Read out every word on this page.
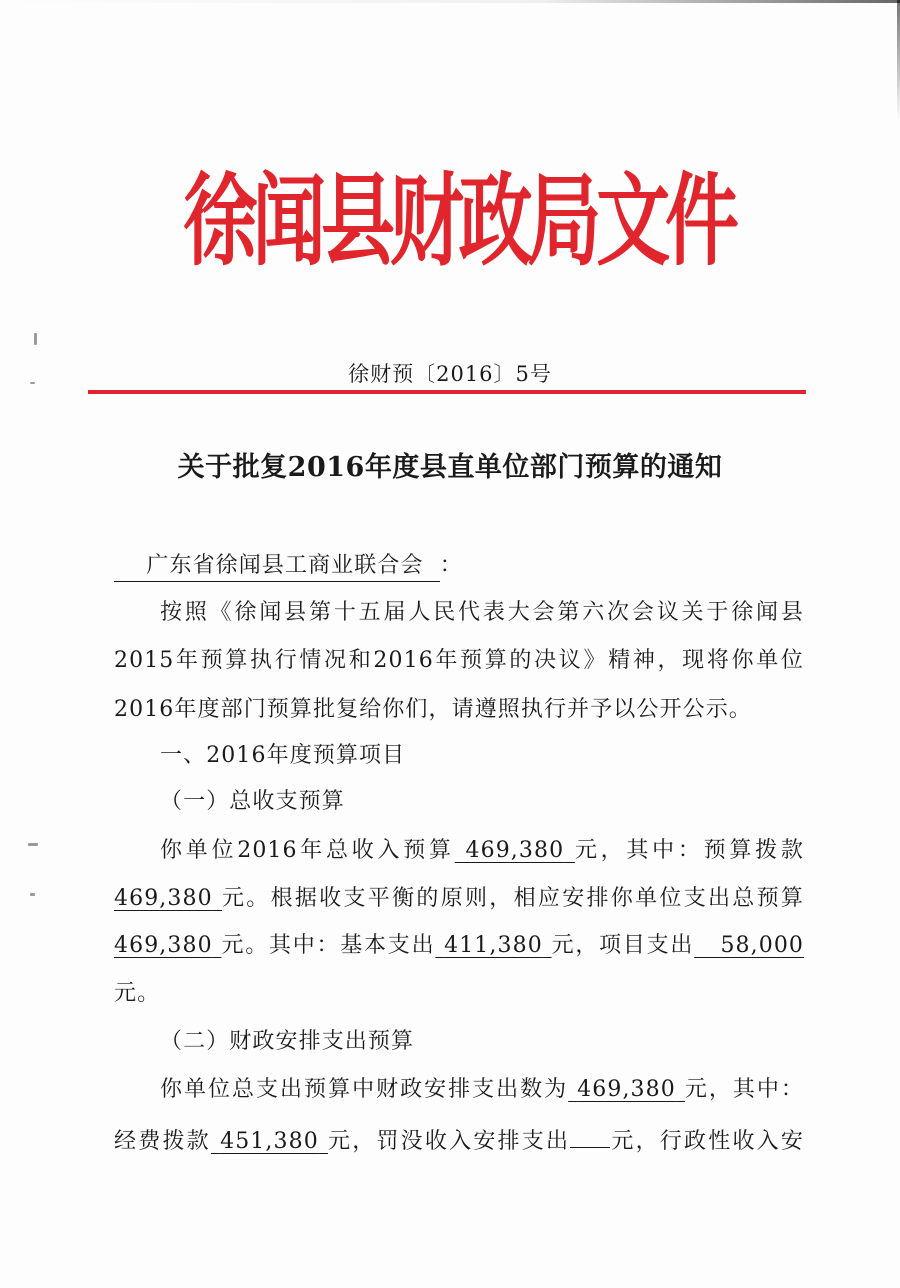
徐闻县财政局文件
徐财预〔2016〕5号
关于批复2016年度县直单位部门预算的通知
广东省徐闻县工商业联合会 ：
按照《徐闻县第十五届人民代表大会第六次会议关于徐闻县
2015年预算执行情况和2016年预算的决议》精神，现将你单位
2016年度部门预算批复给你们，请遵照执行并予以公开公示。
一、2016年度预算项目
（一）总收支预算
你单位2016年总收入预算 469,380 元，其中：预算拨款
469,380 元。根据收支平衡的原则，相应安排你单位支出总预算
469,380 元。其中：基本支出 411,380 元，项目支出 58,000
元。
（二）财政安排支出预算
你单位总支出预算中财政安排支出数为 469,380 元，其中：
经费拨款 451,380 元，罚没收入安排支出 元，行政性收入安
